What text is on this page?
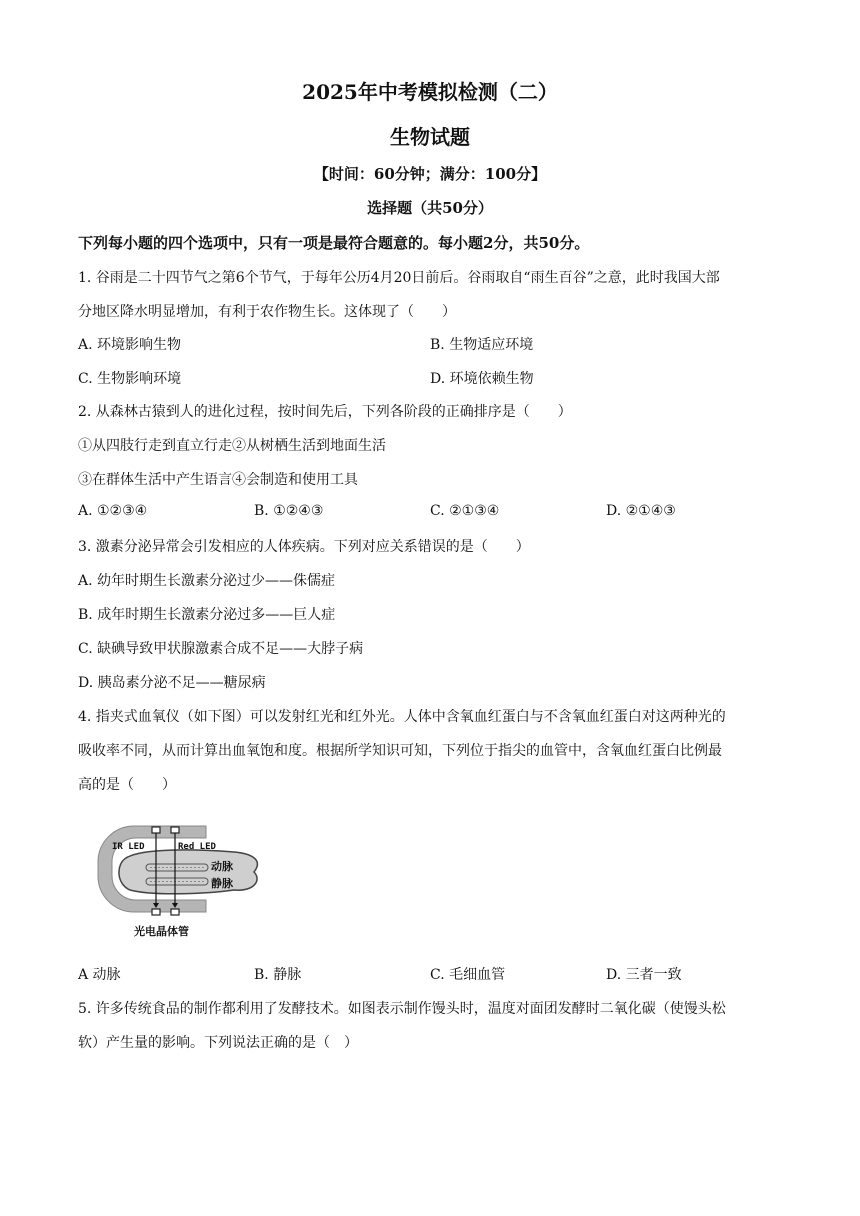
2025年中考模拟检测（二）
生物试题
【时间：60分钟；满分：100分】
选择题（共50分）
下列每小题的四个选项中，只有一项是最符合题意的。每小题2分，共50分。
1. 谷雨是二十四节气之第6个节气，于每年公历4月20日前后。谷雨取自“雨生百谷”之意，此时我国大部
分地区降水明显增加，有利于农作物生长。这体现了（　　）
A. 环境影响生物	B. 生物适应环境
C. 生物影响环境	D. 环境依赖生物
2. 从森林古猿到人的进化过程，按时间先后，下列各阶段的正确排序是（　　）
①从四肢行走到直立行走②从树栖生活到地面生活
③在群体生活中产生语言④会制造和使用工具
A. ①②③④	B. ①②④③	C. ②①③④	D. ②①④③
3. 激素分泌异常会引发相应的人体疾病。下列对应关系错误的是（　　）
A. 幼年时期生长激素分泌过少——侏儒症
B. 成年时期生长激素分泌过多——巨人症
C. 缺碘导致甲状腺激素合成不足——大脖子病
D. 胰岛素分泌不足——糖尿病
4. 指夹式血氧仪（如下图）可以发射红光和红外光。人体中含氧血红蛋白与不含氧血红蛋白对这两种光的
吸收率不同，从而计算出血氧饱和度。根据所学知识可知，下列位于指尖的血管中，含氧血红蛋白比例最
高的是（　　）
IR LED	Red LED
动脉
静脉
光电晶体管
A 动脉	B. 静脉	C. 毛细血管	D. 三者一致
5. 许多传统食品的制作都利用了发酵技术。如图表示制作馒头时，温度对面团发酵时二氧化碳（使馒头松
软）产生量的影响。下列说法正确的是（　）
